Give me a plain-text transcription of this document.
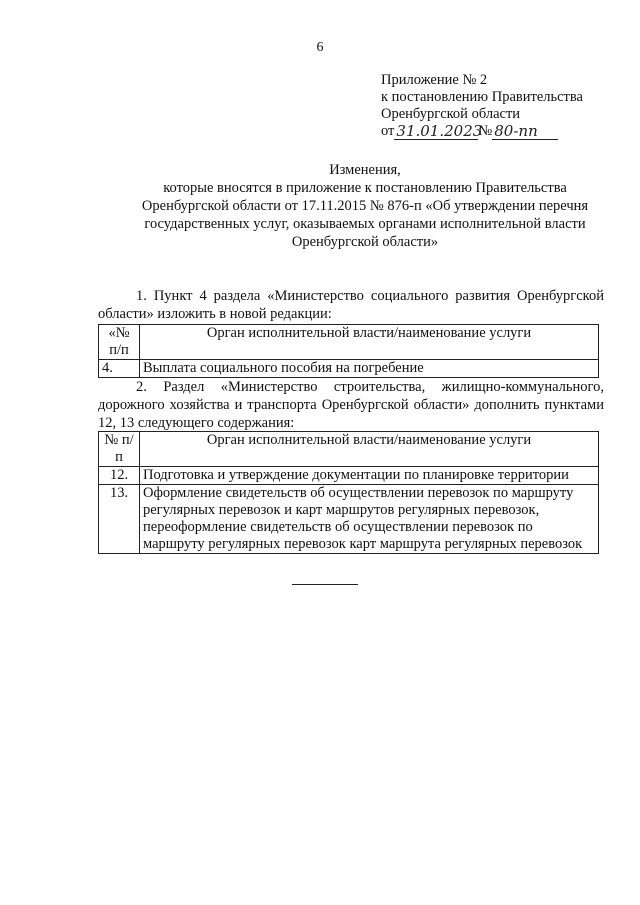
6
Приложение № 2
к постановлению Правительства
Оренбургской области
от 31.01.2023
№ 80-пп
Изменения,
которые вносятся в приложение к постановлению Правительства
Оренбургской области от 17.11.2015 № 876-п «Об утверждении перечня
государственных услуг, оказываемых органами исполнительной власти
Оренбургской области»
1. Пункт 4 раздела «Министерство социального развития Оренбургской области» изложить в новой редакции:
«№ п/п	Орган исполнительной власти/наименование услуги
4.	Выплата социального пособия на погребение
2. Раздел «Министерство строительства, жилищно-коммунального, дорожного хозяйства и транспорта Оренбургской области» дополнить пунктами 12, 13 следующего содержания:
№ п/п	Орган исполнительной власти/наименование услуги
12.	Подготовка и утверждение документации по планировке территории
13.	Оформление свидетельств об осуществлении перевозок по маршруту регулярных перевозок и карт маршрутов регулярных перевозок, переоформление свидетельств об осуществлении перевозок по маршруту регулярных перевозок карт маршрута регулярных перевозок
